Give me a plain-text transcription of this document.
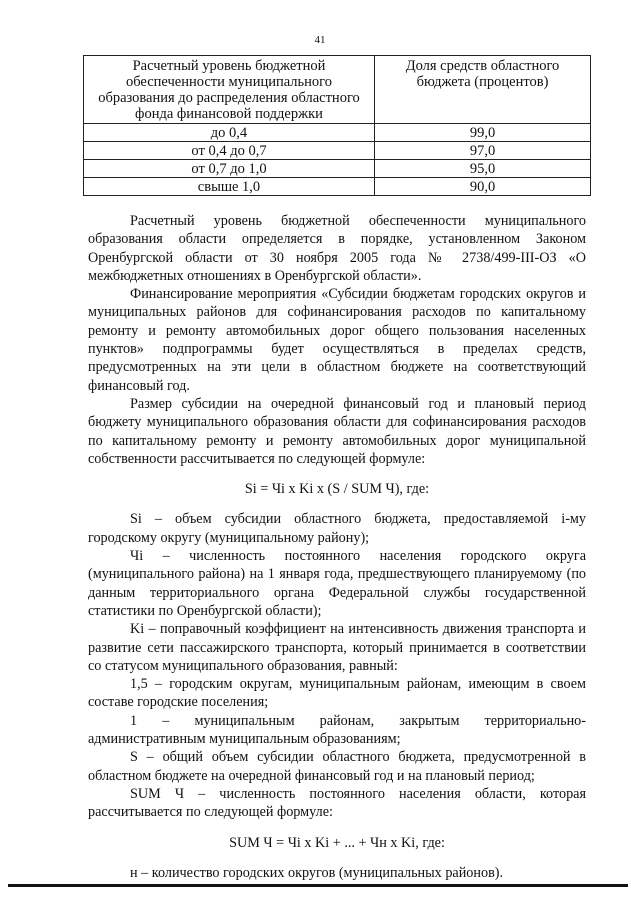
41
Расчетный уровень бюджетной обеспеченности муниципального образования до распределения областного фонда финансовой поддержки	Доля средств областного бюджета (процентов)
до 0,4	99,0
от 0,4 до 0,7	97,0
от 0,7 до 1,0	95,0
свыше 1,0	90,0

Расчетный уровень бюджетной обеспеченности муниципального образования области определяется в порядке, установленном Законом Оренбургской области от 30 ноября 2005 года № 2738/499-III-ОЗ «О межбюджетных отношениях в Оренбургской области».

Финансирование мероприятия «Субсидии бюджетам городских округов и муниципальных районов для софинансирования расходов по капитальному ремонту и ремонту автомобильных дорог общего пользования населенных пунктов» подпрограммы будет осуществляться в пределах средств, предусмотренных на эти цели в областном бюджете на соответствующий финансовый год.

Размер субсидии на очередной финансовый год и плановый период бюджету муниципального образования области для софинансирования расходов по капитальному ремонту и ремонту автомобильных дорог муниципальной собственности рассчитывается по следующей формуле:

Si = Чi x Ki x (S / SUM Ч), где:

Si – объем субсидии областного бюджета, предоставляемой i-му городскому округу (муниципальному району);

Чi – численность постоянного населения городского округа (муниципального района) на 1 января года, предшествующего планируемому (по данным территориального органа Федеральной службы государственной статистики по Оренбургской области);

Ki – поправочный коэффициент на интенсивность движения транспорта и развитие сети пассажирского транспорта, который принимается в соответствии со статусом муниципального образования, равный:

1,5 – городским округам, муниципальным районам, имеющим в своем составе городские поселения;

1 – муниципальным районам, закрытым территориально-административным муниципальным образованиям;

S – общий объем субсидии областного бюджета, предусмотренной в областном бюджете на очередной финансовый год и на плановый период;

SUM Ч – численность постоянного населения области, которая рассчитывается по следующей формуле:

SUM Ч = Чi x Ki + ... + Чн x Ki, где:

н – количество городских округов (муниципальных районов).
